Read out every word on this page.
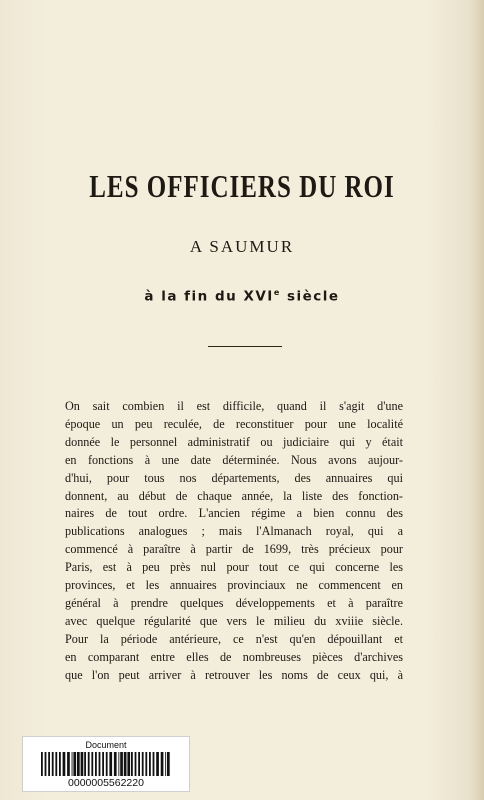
LES OFFICIERS DU ROI
A SAUMUR
à la fin du XVIe siècle
On sait combien il est difficile, quand il s'agit d'une
époque un peu reculée, de reconstituer pour une localité
donnée le personnel administratif ou judiciaire qui y était
en fonctions à une date déterminée. Nous avons aujour-
d'hui, pour tous nos départements, des annuaires qui
donnent, au début de chaque année, la liste des fonction-
naires de tout ordre. L'ancien régime a bien connu des
publications analogues ; mais l'Almanach royal, qui a
commencé à paraître à partir de 1699, très précieux pour
Paris, est à peu près nul pour tout ce qui concerne les
provinces, et les annuaires provinciaux ne commencent en
général à prendre quelques développements et à paraître
avec quelque régularité que vers le milieu du xviiie siècle.
Pour la période antérieure, ce n'est qu'en dépouillant et
en comparant entre elles de nombreuses pièces d'archives
que l'on peut arriver à retrouver les noms de ceux qui, à
Document
0000005562220
